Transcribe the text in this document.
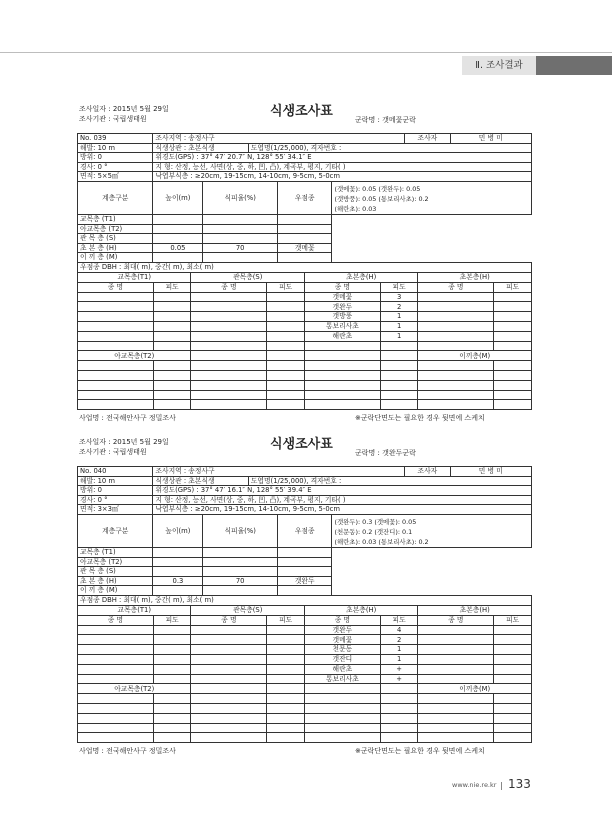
Ⅱ. 조사결과
조사일자 : 2015년 5월 29일
조사기관 : 국립생태원	식생조사표
군락명 : 갯메꽃군락
No. 039	조사지역 : 송정사구					조사자	민 병 미
해발: 10 m	식생상관 : 초본식생		도엽명(1/25,000), 격자번호 :				
방위: 0	위경도(GPS) : 37° 47′ 20.7″ N, 128° 55′ 34.1″ E						
경사: 0 °	지 형: 산정, 능선, 사면(상, 중, 하, 凹, 凸), 계곡부, 평지, 기타( )						
면적: 5×5㎡	낙엽부식층 : ≥20cm, 19-15cm, 14-10cm, 9-5cm, 5-0cm						
계층구분	높이(m)	식피율(%)		우점종	(갯메꽃): 0.05 (갯완두): 0.05
(갯방풍): 0.05 (통보리사초): 0.2
(해란초): 0.03		

교목층 (T1)							
아교목층 (T2)							
관 목 층 (S)							
초 본 층 (H)	0.05	70		갯메꽃			
이 끼 층 (M)							
우점종 DBH : 최대( m), 중간( m), 최소( m)							
교목층(T1)		관목층(S)		초본층(H)		초본층(H)	
종 명	피도	종 명	피도	종 명	피도	종 명	피도
				갯메꽃	3		
				갯완두	2		
				갯방풍	1		
				통보리사초	1		
				해란초	1		

아교목층(T2)						이끼층(M)	

사업명 : 전국해안사구 정밀조사	※군락단면도는 필요한 경우 뒷면에 스케치
조사일자 : 2015년 5월 29일
조사기관 : 국립생태원	식생조사표
군락명 : 갯완두군락
No. 040	조사지역 : 송정사구					조사자	민 병 미
해발: 10 m	식생상관 : 초본식생		도엽명(1/25,000), 격자번호 :				
방위: 0	위경도(GPS) : 37° 47′ 16.1″ N, 128° 55′ 39.4″ E						
경사: 0 °	지 형: 산정, 능선, 사면(상, 중, 하, 凹, 凸), 계곡부, 평지, 기타( )						
면적: 3×3㎡	낙엽부식층 : ≥20cm, 19-15cm, 14-10cm, 9-5cm, 5-0cm						
계층구분	높이(m)	식피율(%)		우점종	(갯완두): 0.3 (갯메꽃): 0.05
(천문동): 0.2 (갯잔디): 0.1
(해란초): 0.03 (통보리사초): 0.2		

교목층 (T1)							
아교목층 (T2)							
관 목 층 (S)							
초 본 층 (H)	0.3	70		갯완두			
이 끼 층 (M)							
우점종 DBH : 최대( m), 중간( m), 최소( m)							
교목층(T1)		관목층(S)		초본층(H)		초본층(H)	
종 명	피도	종 명	피도	종 명	피도	종 명	피도
				갯완두	4		
				갯메꽃	2		
				천문동	1		
				갯잔디	1		
				해란초	+		
				통보리사초	+		
아교목층(T2)						이끼층(M)	

사업명 : 전국해안사구 정밀조사	※군락단면도는 필요한 경우 뒷면에 스케치
www.nie.re.kr 133
